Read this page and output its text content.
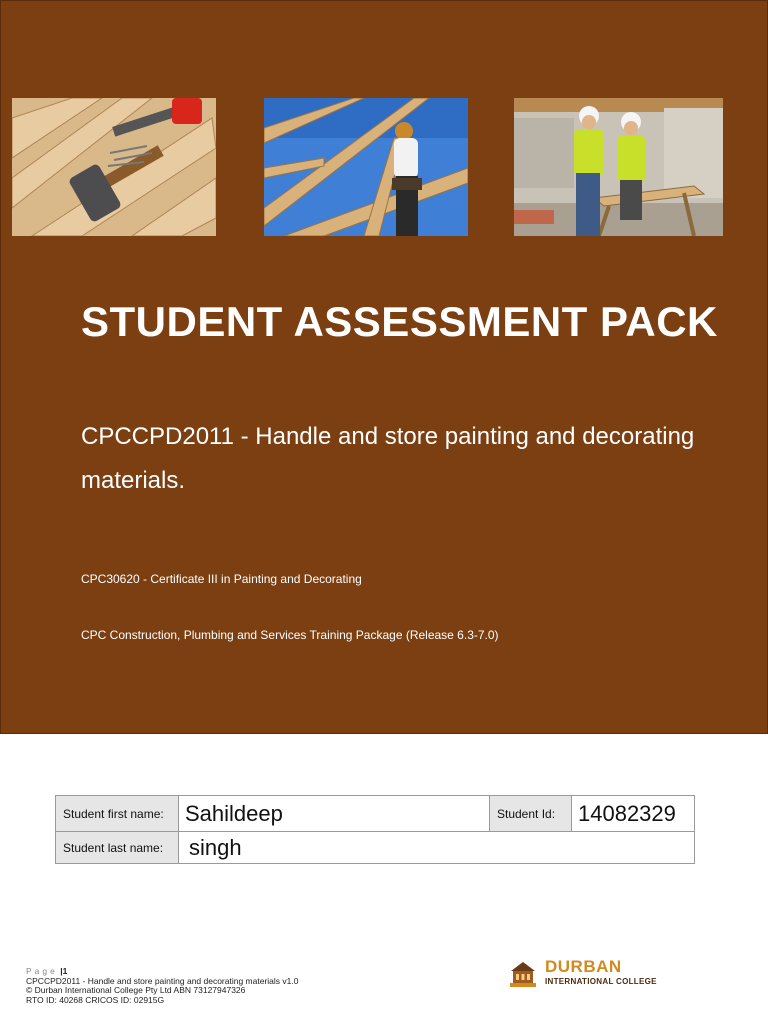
STUDENT ASSESSMENT PACK
CPCCPD2011 - Handle and store painting and decorating materials.
CPC30620 - Certificate III in Painting and Decorating
CPC Construction, Plumbing and Services Training Package (Release 6.3-7.0)
Student first name:	Sahildeep	Student Id:	14082329
Student last name:	singh		
Page |1
CPCCPD2011 - Handle and store painting and decorating materials v1.0
© Durban International College Pty Ltd ABN 73127947326
RTO ID: 40268 CRICOS ID: 02915G
DURBAN
INTERNATIONAL COLLEGE
